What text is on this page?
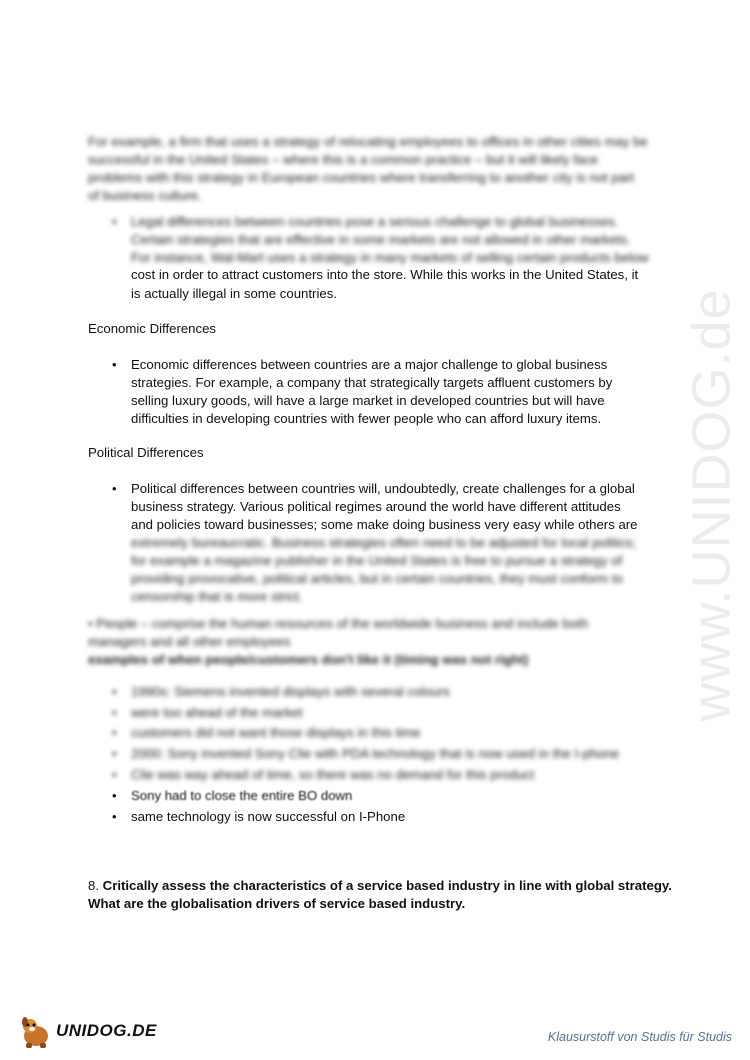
For example, a firm that uses a strategy of relocating employees to offices in other cities may be
successful in the United States – where this is a common practice – but it will likely face
problems with this strategy in European countries where transferring to another city is not part
of business culture.
• Legal differences between countries pose a serious challenge to global businesses.
Certain strategies that are effective in some markets are not allowed in other markets.
For instance, Wal-Mart uses a strategy in many markets of selling certain products below
cost in order to attract customers into the store. While this works in the United States, it
is actually illegal in some countries.
Economic Differences
• Economic differences between countries are a major challenge to global business
strategies. For example, a company that strategically targets affluent customers by
selling luxury goods, will have a large market in developed countries but will have
difficulties in developing countries with fewer people who can afford luxury items.
Political Differences
• Political differences between countries will, undoubtedly, create challenges for a global
business strategy. Various political regimes around the world have different attitudes
and policies toward businesses; some make doing business very easy while others are
extremely bureaucratic. Business strategies often need to be adjusted for local politics;
for example a magazine publisher in the United States is free to pursue a strategy of
providing provocative, political articles, but in certain countries, they must conform to
censorship that is more strict.
• People – comprise the human resources of the worldwide business and include both
managers and all other employees
examples of when people/customers don't like it (timing was not right)
• 1990s: Siemens invented displays with several colours
• were too ahead of the market
• customers did not want those displays in this time
• 2000: Sony invented Sony Clie with PDA technology that is now used in the I-phone
• Clie was way ahead of time, so there was no demand for this product
• Sony had to close the entire BO down
• same technology is now successful on I-Phone
8. Critically assess the characteristics of a service based industry in line with global strategy.
What are the globalisation drivers of service based industry.
www.UNIDOG.de
UNIDOG.DE	Klausurstoff von Studis für Studis
